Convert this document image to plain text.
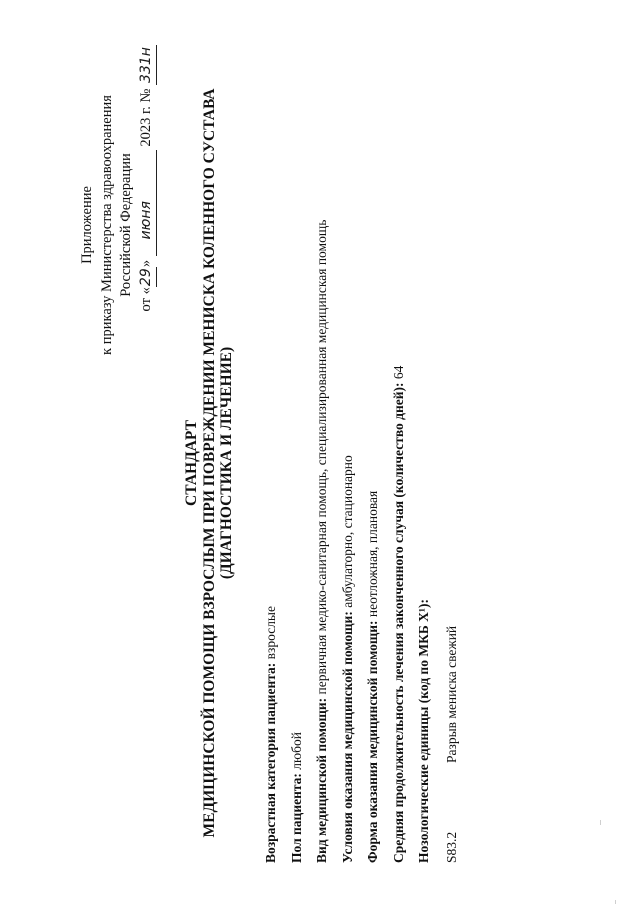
Приложение к приказу Министерства здравоохранения Российской Федерации
от «29» июня  2023 г. № 331н
СТАНДАРТ МЕДИЦИНСКОЙ ПОМОЩИ ВЗРОСЛЫМ ПРИ ПОВРЕЖДЕНИИ МЕНИСКА КОЛЕННОГО СУСТАВА (ДИАГНОСТИКА И ЛЕЧЕНИЕ)
Возрастная категория пациента: взрослые
Пол пациента: любой Вид медицинской помощи: первичная медико-санитарная помощь, специализированная медицинская помощь
Условия оказания медицинской помощи: амбулаторно, стационарно
Форма оказания медицинской помощи: неотложная, плановая Средняя продолжительность лечения законченного случая (количество дней): 64
Нозологические единицы (код по МКБ X¹): S83.2Разрыв мениска свежий
